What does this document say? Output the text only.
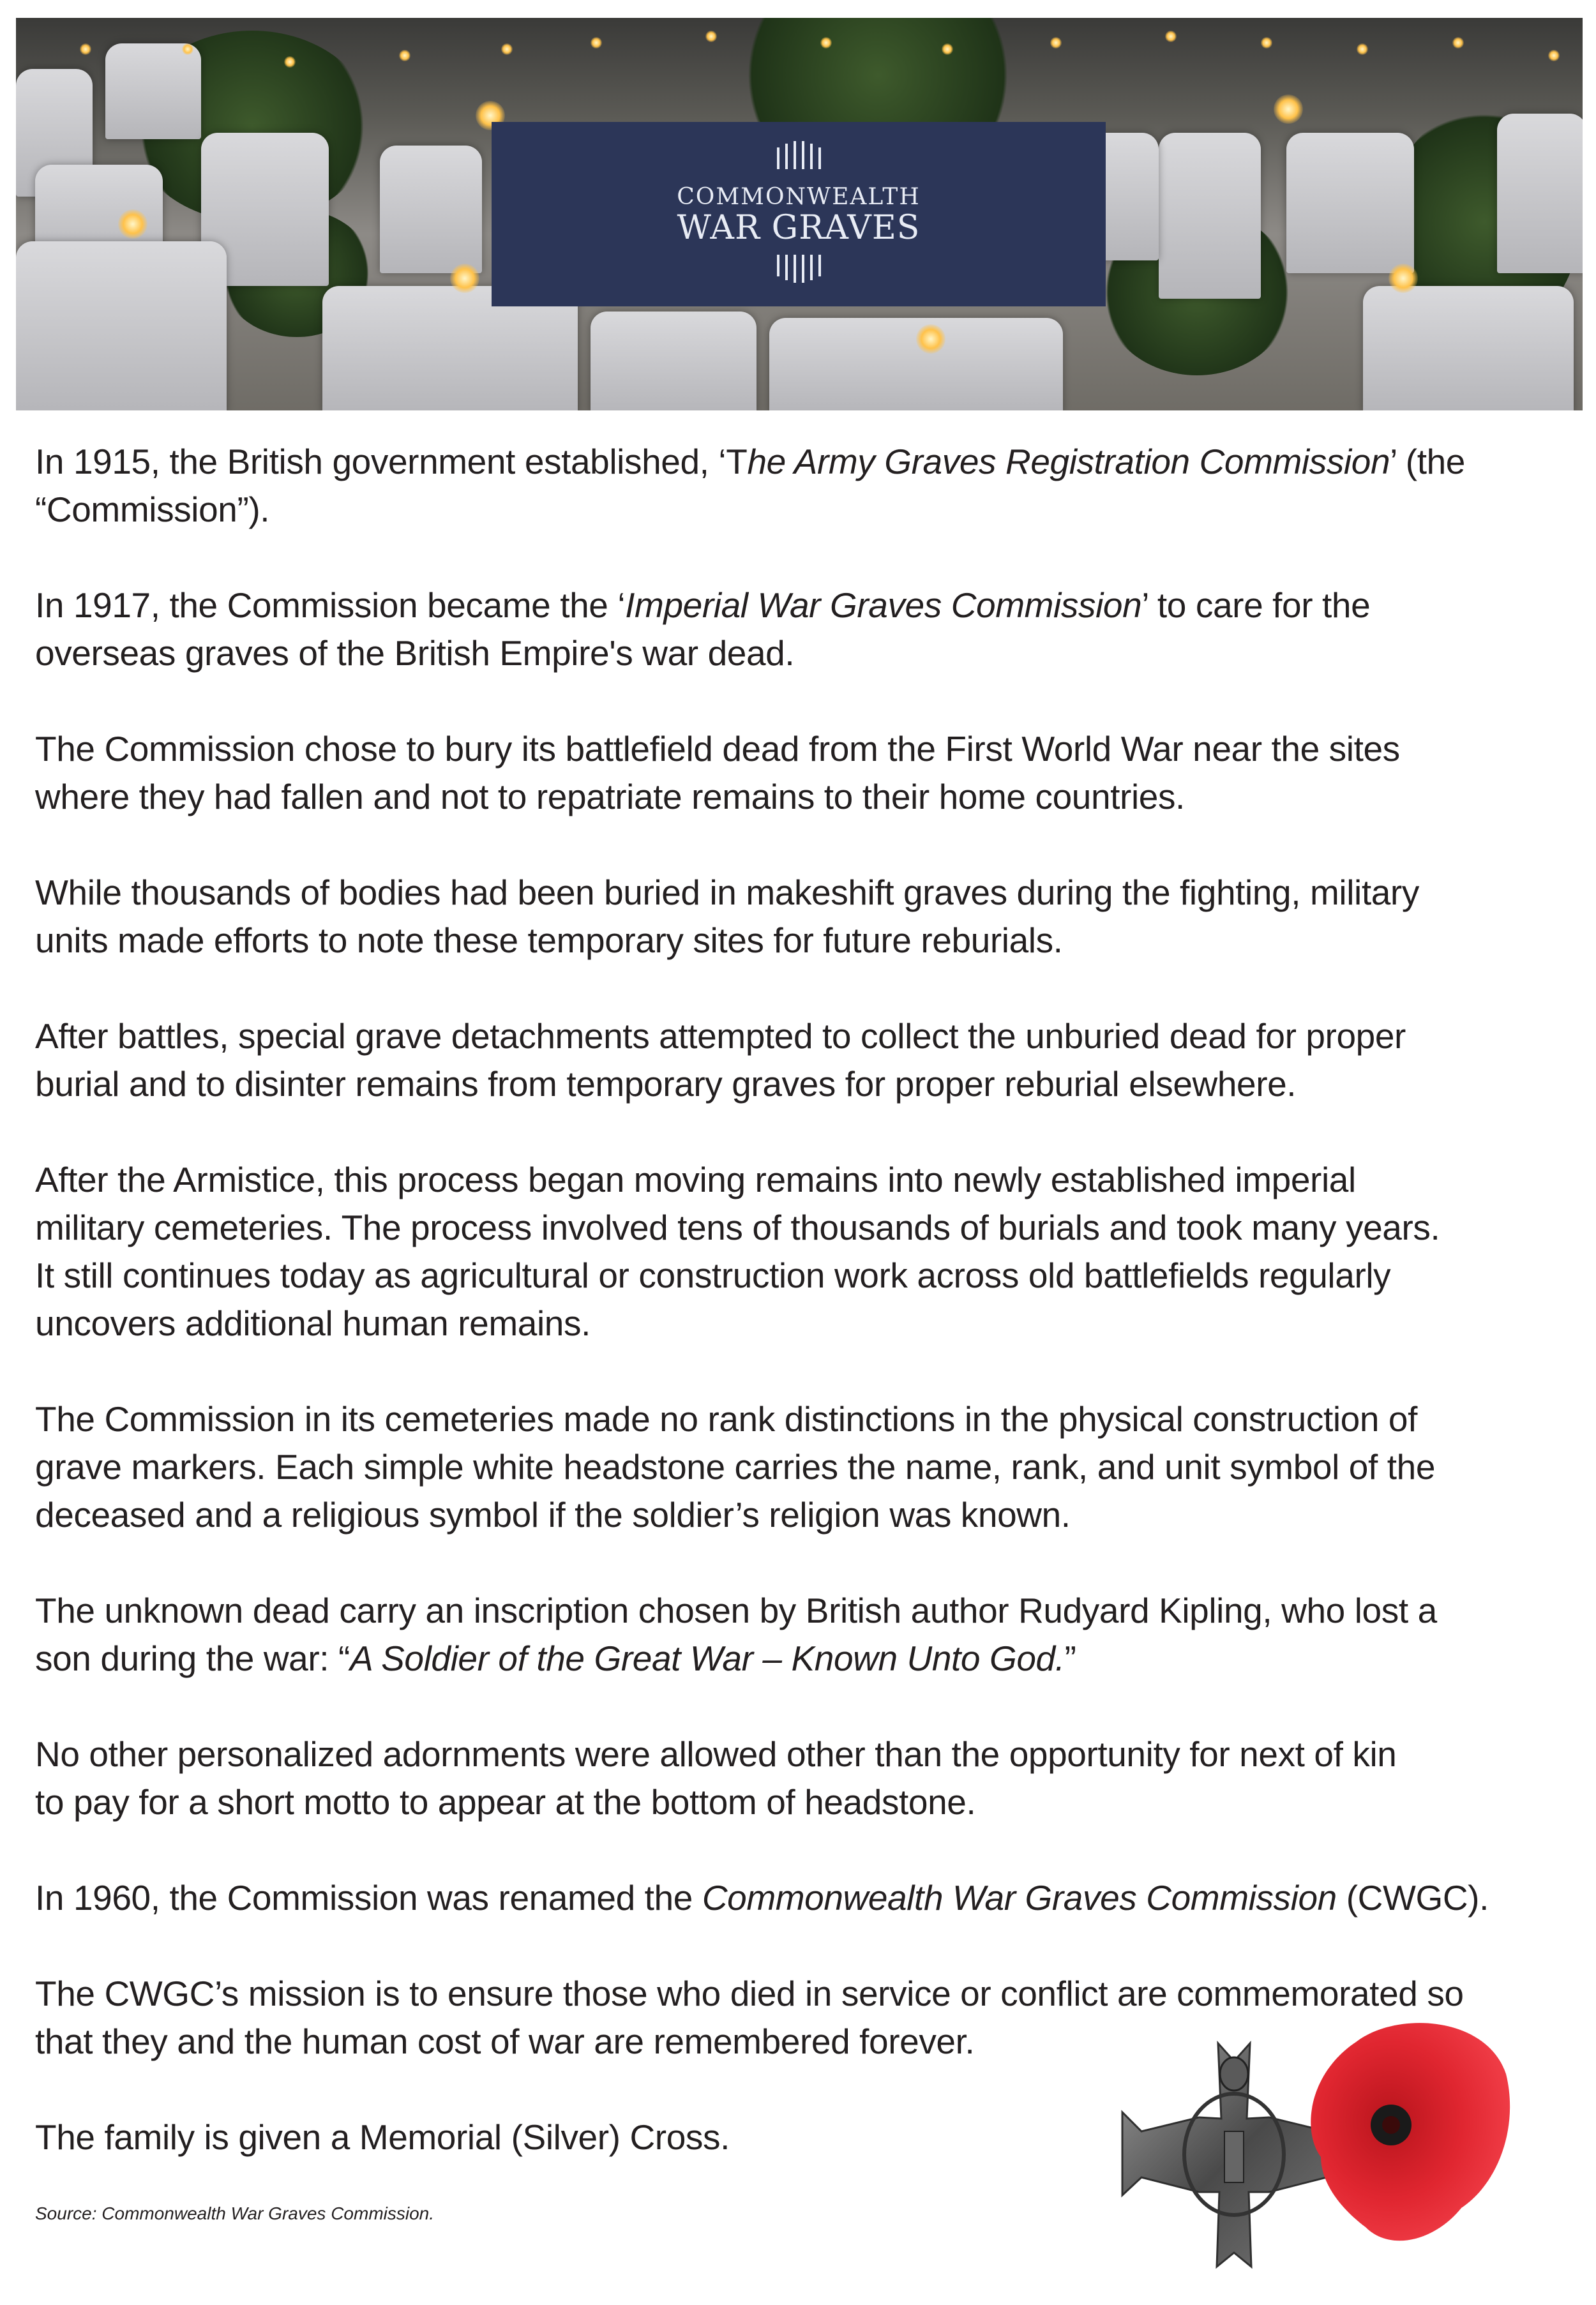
In 1915, the British government established, ‘The Army Graves Registration Commission’ (the
“Commission”).
In 1917, the Commission became the ‘Imperial War Graves Commission’ to care for the
overseas graves of the British Empire's war dead.
The Commission chose to bury its battlefield dead from the First World War near the sites
where they had fallen and not to repatriate remains to their home countries.
While thousands of bodies had been buried in makeshift graves during the fighting, military
units made efforts to note these temporary sites for future reburials.
After battles, special grave detachments attempted to collect the unburied dead for proper
burial and to disinter remains from temporary graves for proper reburial elsewhere.
After the Armistice, this process began moving remains into newly established imperial
military cemeteries. The process involved tens of thousands of burials and took many years.
It still continues today as agricultural or construction work across old battlefields regularly
uncovers additional human remains.
The Commission in its cemeteries made no rank distinctions in the physical construction of
grave markers. Each simple white headstone carries the name, rank, and unit symbol of the
deceased and a religious symbol if the soldier’s religion was known.
The unknown dead carry an inscription chosen by British author Rudyard Kipling, who lost a
son during the war: “A Soldier of the Great War – Known Unto God.”
No other personalized adornments were allowed other than the opportunity for next of kin
to pay for a short motto to appear at the bottom of headstone.
In 1960, the Commission was renamed the Commonwealth War Graves Commission (CWGC).
The CWGC’s mission is to ensure those who died in service or conflict are commemorated so
that they and the human cost of war are remembered forever.
The family is given a Memorial (Silver) Cross.
Source: Commonwealth War Graves Commission.
COMMONWEALTH
WAR GRAVES
